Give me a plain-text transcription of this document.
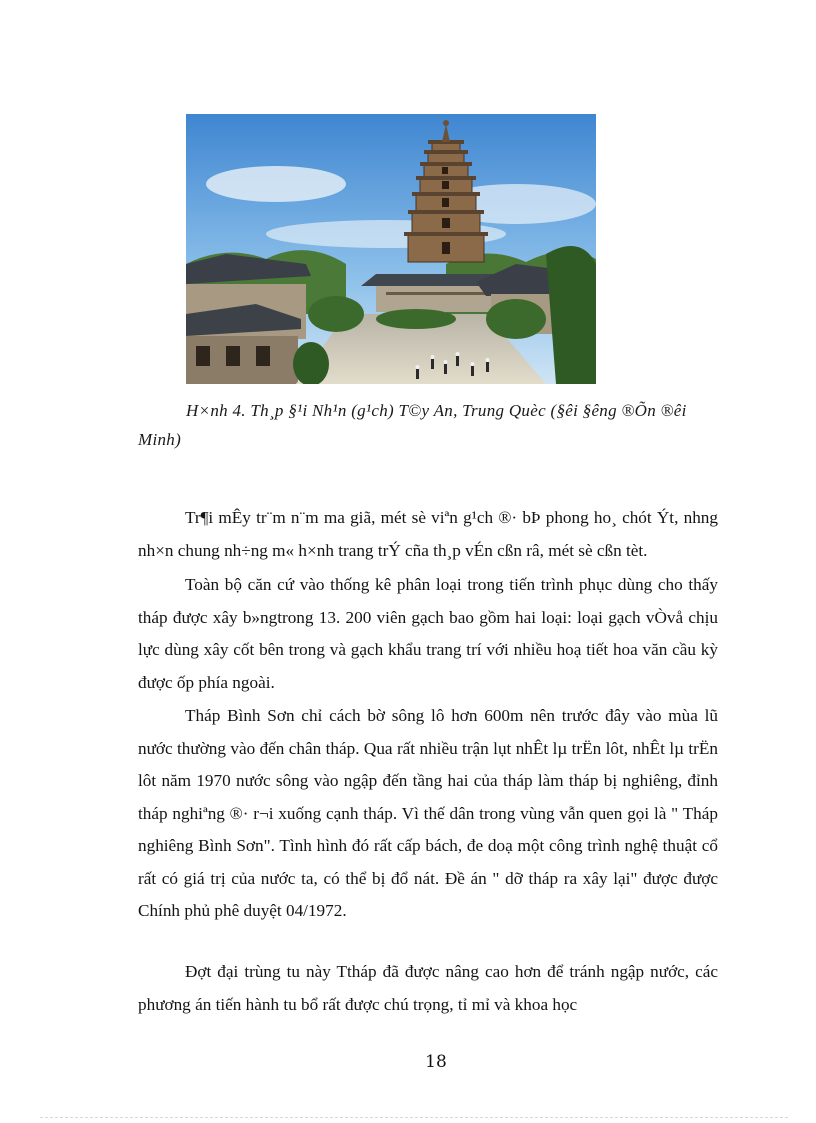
H×nh 4. Th¸p §¹i Nh¹n (g¹ch) T©y An, Trung Quèc (§êi §êng ®Õn ®êi Minh)

Tr¶i mÊy tr¨m n¨m ma giã, mét sè viªn g¹ch ®· bÞ phong ho¸ chót Ýt, nhng nh×n chung nh÷ng m« h×nh trang trÝ cña th¸p vÉn cßn râ, mét sè cßn tèt.

Toàn bộ căn cứ vào thống kê phân loại trong tiến trình phục dùng cho thấy tháp được xây b»ngtrong 13. 200 viên gạch bao gồm hai loại: loại gạch vÒvå chịu lực dùng xây cốt bên trong và gạch khẩu trang trí với nhiều hoạ tiết hoa văn cầu kỳ được ốp phía ngoài.

Tháp Bình Sơn chỉ cách bờ sông lô hơn 600m nên trước đây vào mùa lũ nước thường vào đến chân tháp. Qua rất nhiều trận lụt nhÊt lµ trËn lôt, nhÊt lµ trËn lôt năm 1970 nước sông vào ngập đến tầng hai của tháp làm tháp bị nghiêng, đỉnh tháp nghiªng ®· r¬i xuống cạnh tháp. Vì thế dân trong vùng vẫn quen gọi là " Tháp nghiêng Bình Sơn". Tình hình đó rất cấp bách, đe doạ một công trình nghệ thuật cổ rất có giá trị của nước ta, có thể bị đổ nát. Đề án " dỡ tháp ra xây lại" được được Chính phủ phê duyệt 04/1972.

Đợt đại trùng tu này Ttháp đã được nâng cao hơn để tránh ngập nước, các phương án tiến hành tu bổ rất được chú trọng, tỉ mỉ và khoa học

18
